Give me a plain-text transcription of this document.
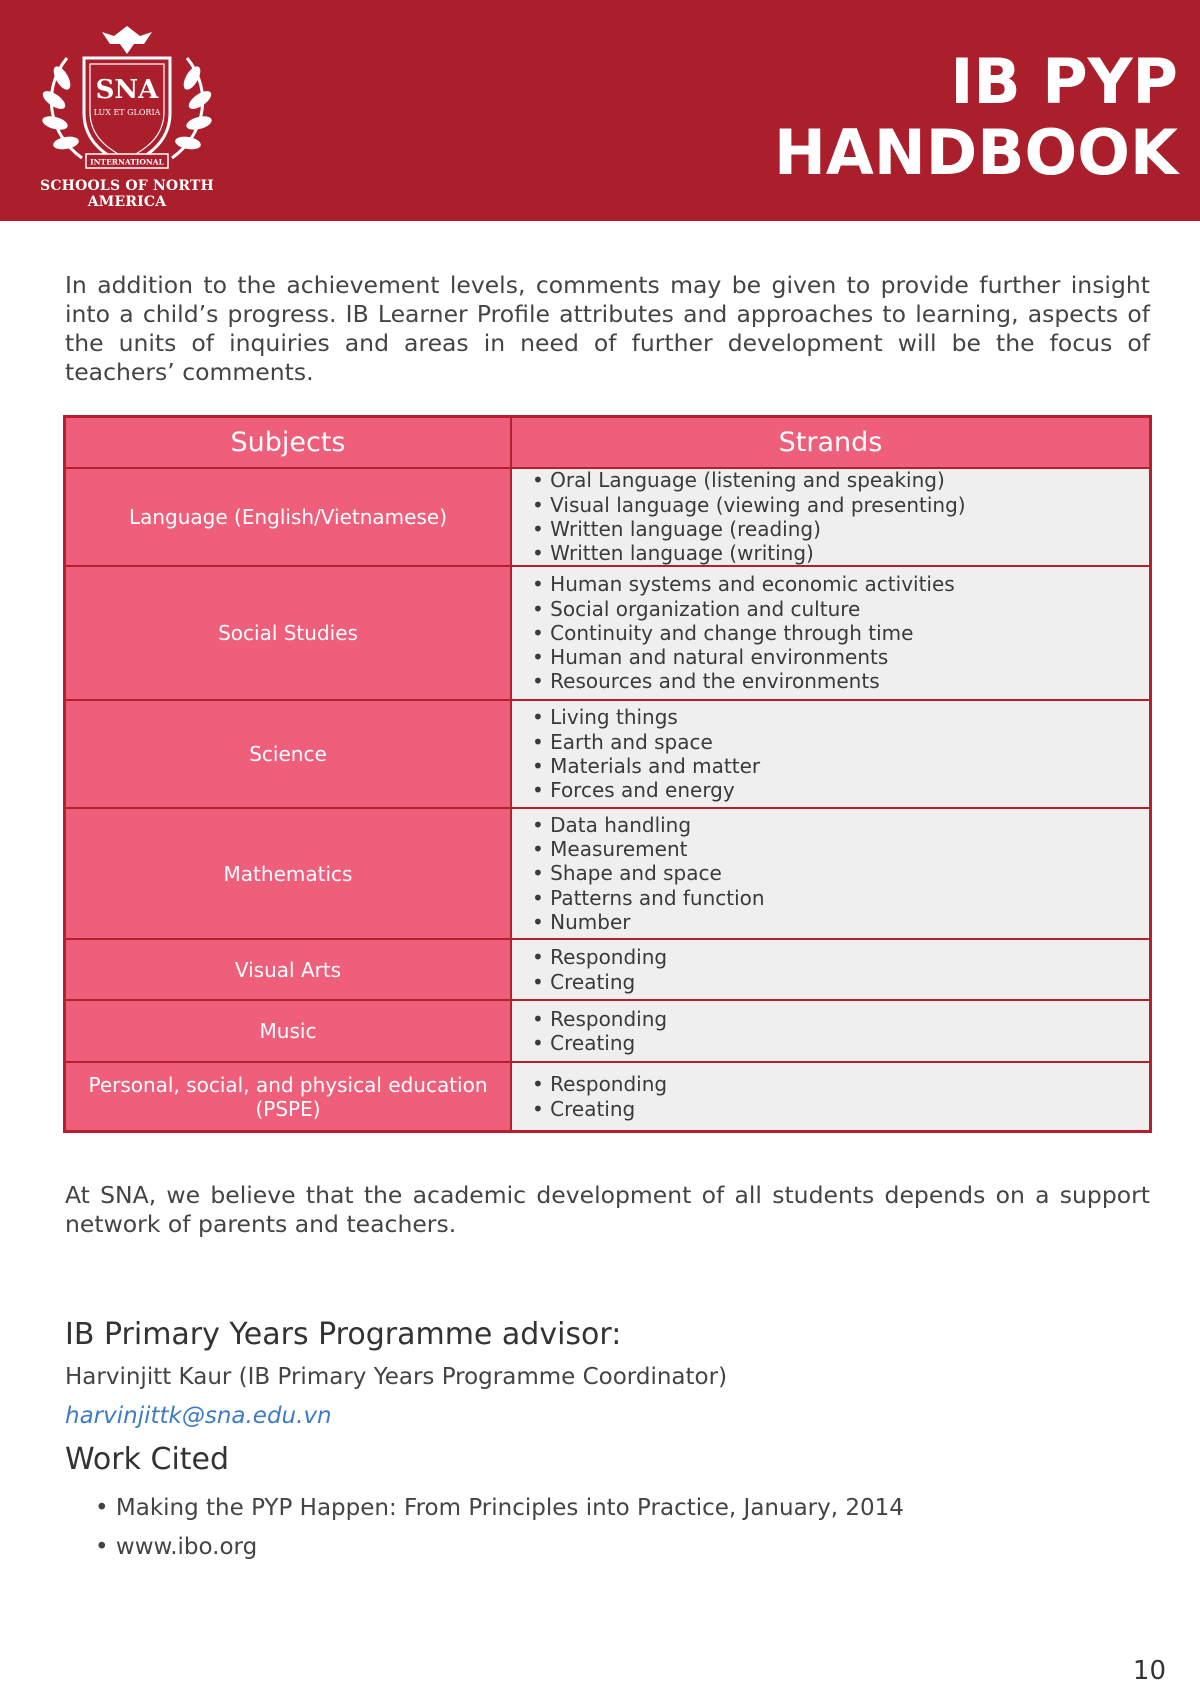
SNA
LUX ET GLORIA
INTERNATIONAL
SCHOOLS OF NORTH AMERICA
IB PYP
HANDBOOK

In addition to the achievement levels, comments may be given to provide further insight into a child’s progress. IB Learner Profile attributes and approaches to learning, aspects of the units of inquiries and areas in need of further development will be the focus of teachers’ comments.

Subjects	Strands
Language (English/Vietnamese)
• Oral Language (listening and speaking)
• Visual language (viewing and presenting)
• Written language (reading)
• Written language (writing)
Social Studies
• Human systems and economic activities
• Social organization and culture
• Continuity and change through time
• Human and natural environments
• Resources and the environments
Science
• Living things
• Earth and space
• Materials and matter
• Forces and energy
Mathematics
• Data handling
• Measurement
• Shape and space
• Patterns and function
• Number
Visual Arts
• Responding
• Creating
Music
• Responding
• Creating
Personal, social, and physical education (PSPE)
• Responding
• Creating

At SNA, we believe that the academic development of all students depends on a support network of parents and teachers.

IB Primary Years Programme advisor:
Harvinjitt Kaur (IB Primary Years Programme Coordinator)
harvinjittk@sna.edu.vn
Work Cited
• Making the PYP Happen: From Principles into Practice, January, 2014
• www.ibo.org
10
